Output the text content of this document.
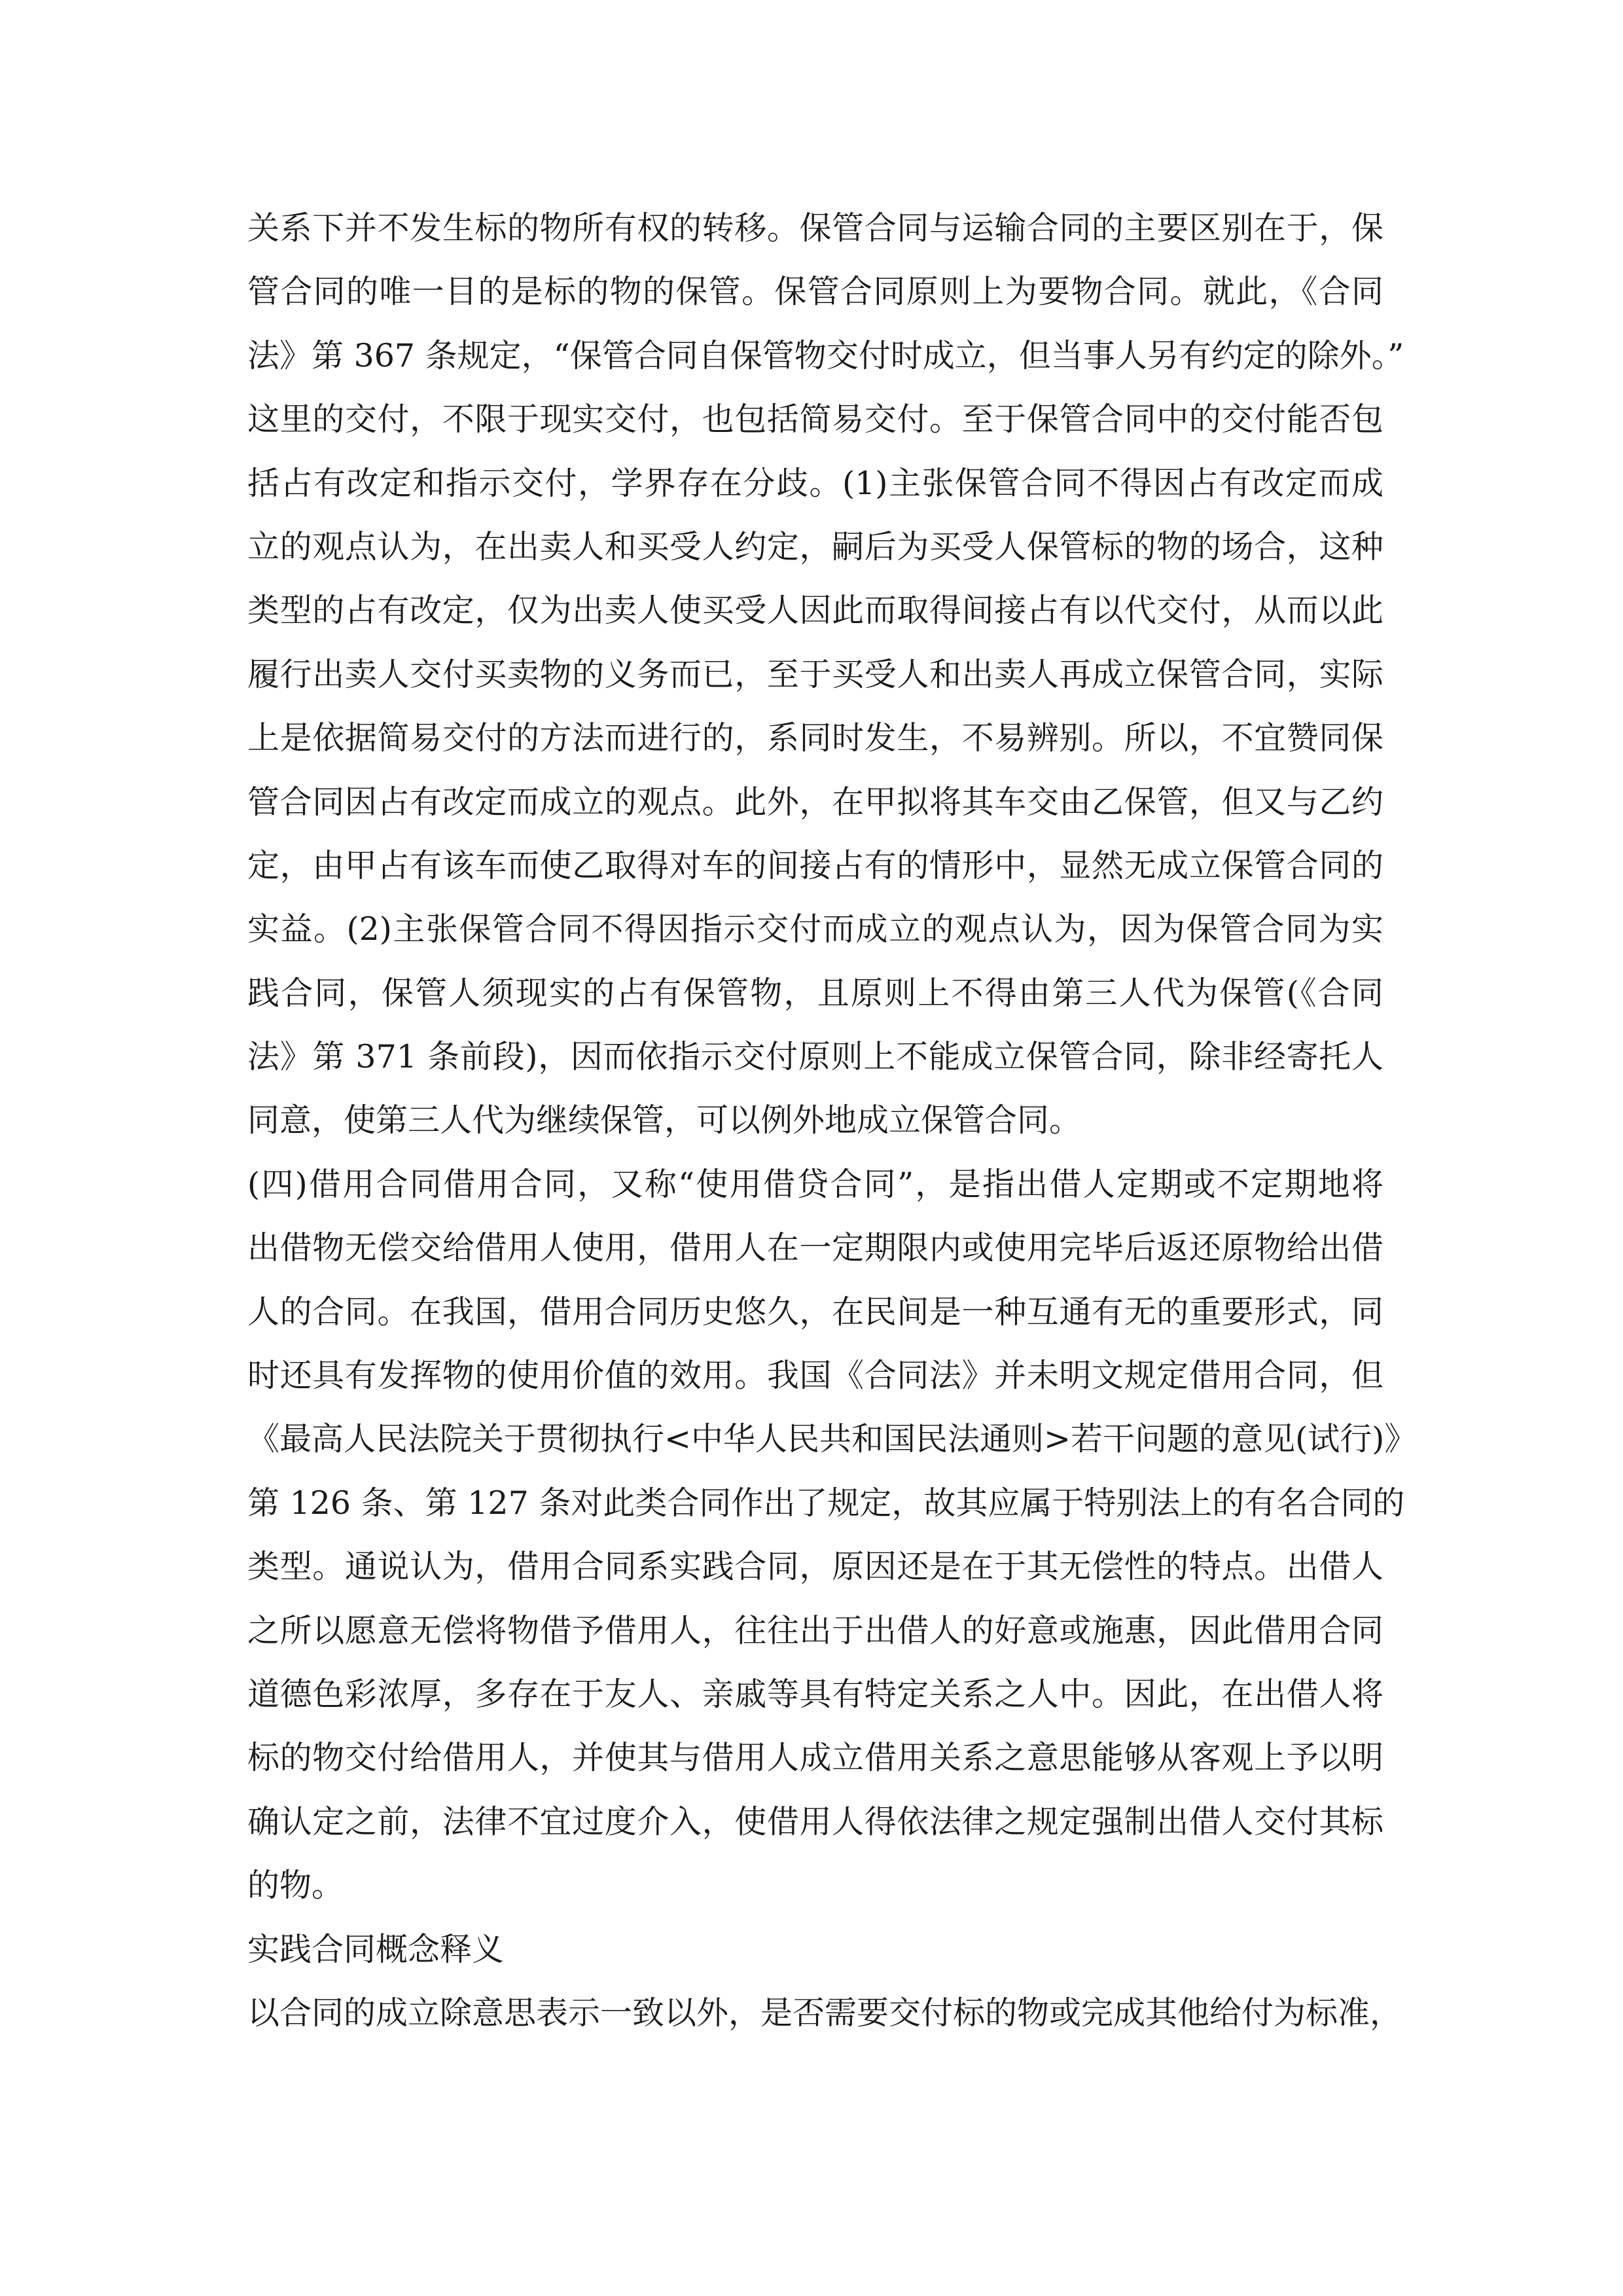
关系下并不发生标的物所有权的转移。保管合同与运输合同的主要区别在于，保
管合同的唯一目的是标的物的保管。保管合同原则上为要物合同。就此，《合同
法》第 367 条规定，“保管合同自保管物交付时成立，但当事人另有约定的除外。”
这里的交付，不限于现实交付，也包括简易交付。至于保管合同中的交付能否包
括占有改定和指示交付，学界存在分歧。(1)主张保管合同不得因占有改定而成
立的观点认为，在出卖人和买受人约定，嗣后为买受人保管标的物的场合，这种
类型的占有改定，仅为出卖人使买受人因此而取得间接占有以代交付，从而以此
履行出卖人交付买卖物的义务而已，至于买受人和出卖人再成立保管合同，实际
上是依据简易交付的方法而进行的，系同时发生，不易辨别。所以，不宜赞同保
管合同因占有改定而成立的观点。此外，在甲拟将其车交由乙保管，但又与乙约
定，由甲占有该车而使乙取得对车的间接占有的情形中，显然无成立保管合同的
实益。(2)主张保管合同不得因指示交付而成立的观点认为，因为保管合同为实
践合同，保管人须现实的占有保管物，且原则上不得由第三人代为保管(《合同
法》第 371 条前段)，因而依指示交付原则上不能成立保管合同，除非经寄托人
同意，使第三人代为继续保管，可以例外地成立保管合同。
(四)借用合同借用合同，又称“使用借贷合同”，是指出借人定期或不定期地将
出借物无偿交给借用人使用，借用人在一定期限内或使用完毕后返还原物给出借
人的合同。在我国，借用合同历史悠久，在民间是一种互通有无的重要形式，同
时还具有发挥物的使用价值的效用。我国《合同法》并未明文规定借用合同，但
《最高人民法院关于贯彻执行<中华人民共和国民法通则>若干问题的意见(试行)》
第 126 条、第 127 条对此类合同作出了规定，故其应属于特别法上的有名合同的
类型。通说认为，借用合同系实践合同，原因还是在于其无偿性的特点。出借人
之所以愿意无偿将物借予借用人，往往出于出借人的好意或施惠，因此借用合同
道德色彩浓厚，多存在于友人、亲戚等具有特定关系之人中。因此，在出借人将
标的物交付给借用人，并使其与借用人成立借用关系之意思能够从客观上予以明
确认定之前，法律不宜过度介入，使借用人得依法律之规定强制出借人交付其标
的物。
实践合同概念释义
以合同的成立除意思表示一致以外，是否需要交付标的物或完成其他给付为标准，
